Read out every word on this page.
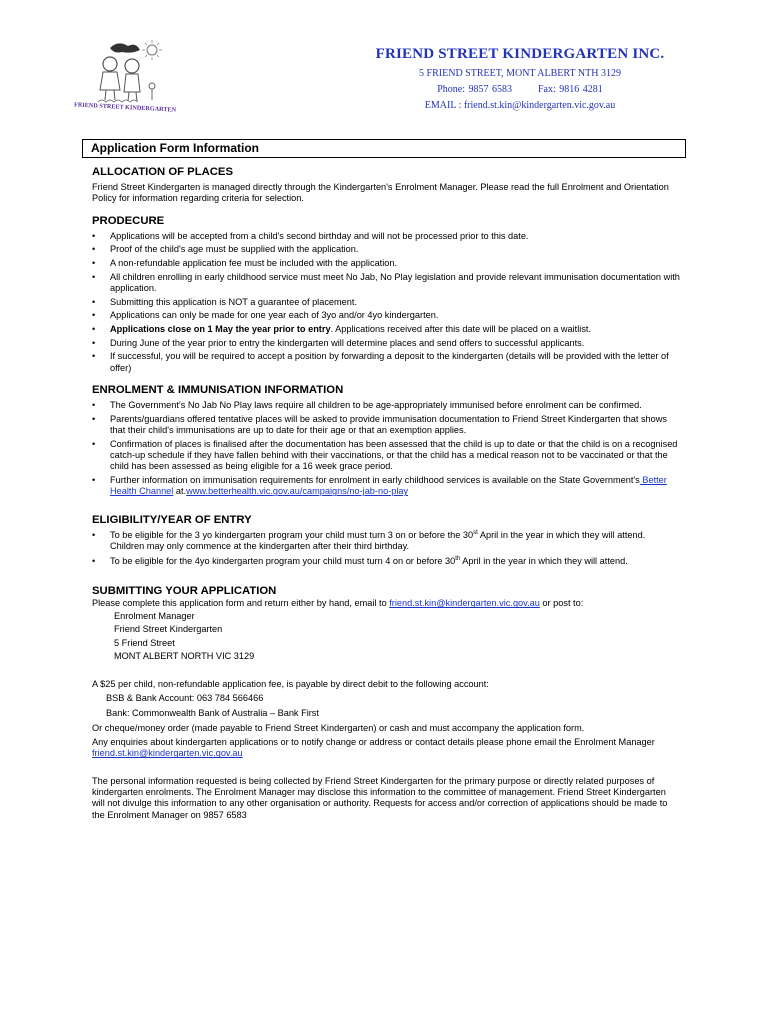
FRIEND STREET KINDERGARTEN
FRIEND STREET KINDERGARTEN INC.
5 FRIEND STREET, MONT ALBERT NTH 3129
Phone: 9857 6583	Fax: 9816 4281
EMAIL : friend.st.kin@kindergarten.vic.gov.au
Application Form Information
ALLOCATION OF PLACES

Friend Street Kindergarten is managed directly through the Kindergarten's Enrolment Manager. Please read the full Enrolment and Orientation Policy for information regarding criteria for selection.

PRODECURE
•	Applications will be accepted from a child's second birthday and will not be processed prior to this date.
•	Proof of the child's age must be supplied with the application.
•	A non-refundable application fee must be included with the application.
•	All children enrolling in early childhood service must meet No Jab, No Play legislation and provide relevant immunisation documentation with application.
•	Submitting this application is NOT a guarantee of placement.
•	Applications can only be made for one year each of 3yo and/or 4yo kindergarten.
•	Applications close on 1 May the year prior to entry. Applications received after this date will be placed on a waitlist.
•	During June of the year prior to entry the kindergarten will determine places and send offers to successful applicants.
•	If successful, you will be required to accept a position by forwarding a deposit to the kindergarten (details will be provided with the letter of offer)
ENROLMENT & IMMUNISATION INFORMATION
•	The Government's No Jab No Play laws require all children to be age-appropriately immunised before enrolment can be confirmed.
•	Parents/guardians offered tentative places will be asked to provide immunisation documentation to Friend Street Kindergarten that shows that their child's immunisations are up to date for their age or that an exemption applies.
•	Confirmation of places is finalised after the documentation has been assessed that the child is up to date or that the child is on a recognised catch-up schedule if they have fallen behind with their vaccinations, or that the child has a medical reason not to be vaccinated or that the child has been assessed as being eligible for a 16 week grace period.
•	Further information on immunisation requirements for enrolment in early childhood services is available on the State Government's Better Health Channel at.www.betterhealth.vic.gov.au/campaigns/no-jab-no-play
ELIGIBILITY/YEAR OF ENTRY
•	To be eligible for the 3 yo kindergarten program your child must turn 3 on or before the 30st April in the year in which they will attend. Children may only commence at the kindergarten after their third birthday.
•	To be eligible for the 4yo kindergarten program your child must turn 4 on or before 30th April in the year in which they will attend.
SUBMITTING YOUR APPLICATION

Please complete this application form and return either by hand, email to friend.st.kin@kindergarten.vic.gov.au or post to:

Enrolment Manager
Friend Street Kindergarten
5 Friend Street
MONT ALBERT NORTH VIC 3129

A $25 per child, non-refundable application fee, is payable by direct debit to the following account:

BSB & Bank Account: 063 784 566466
Bank: Commonwealth Bank of Australia – Bank First

Or cheque/money order (made payable to Friend Street Kindergarten) or cash and must accompany the application form.

Any enquiries about kindergarten applications or to notify change or address or contact details please phone email the Enrolment Manager friend.st.kin@kindergarten.vic.gov.au

The personal information requested is being collected by Friend Street Kindergarten for the primary purpose or directly related purposes of kindergarten enrolments. The Enrolment Manager may disclose this information to the committee of management. Friend Street Kindergarten will not divulge this information to any other organisation or authority. Requests for access and/or correction of applications should be made to the Enrolment Manager on 9857 6583
